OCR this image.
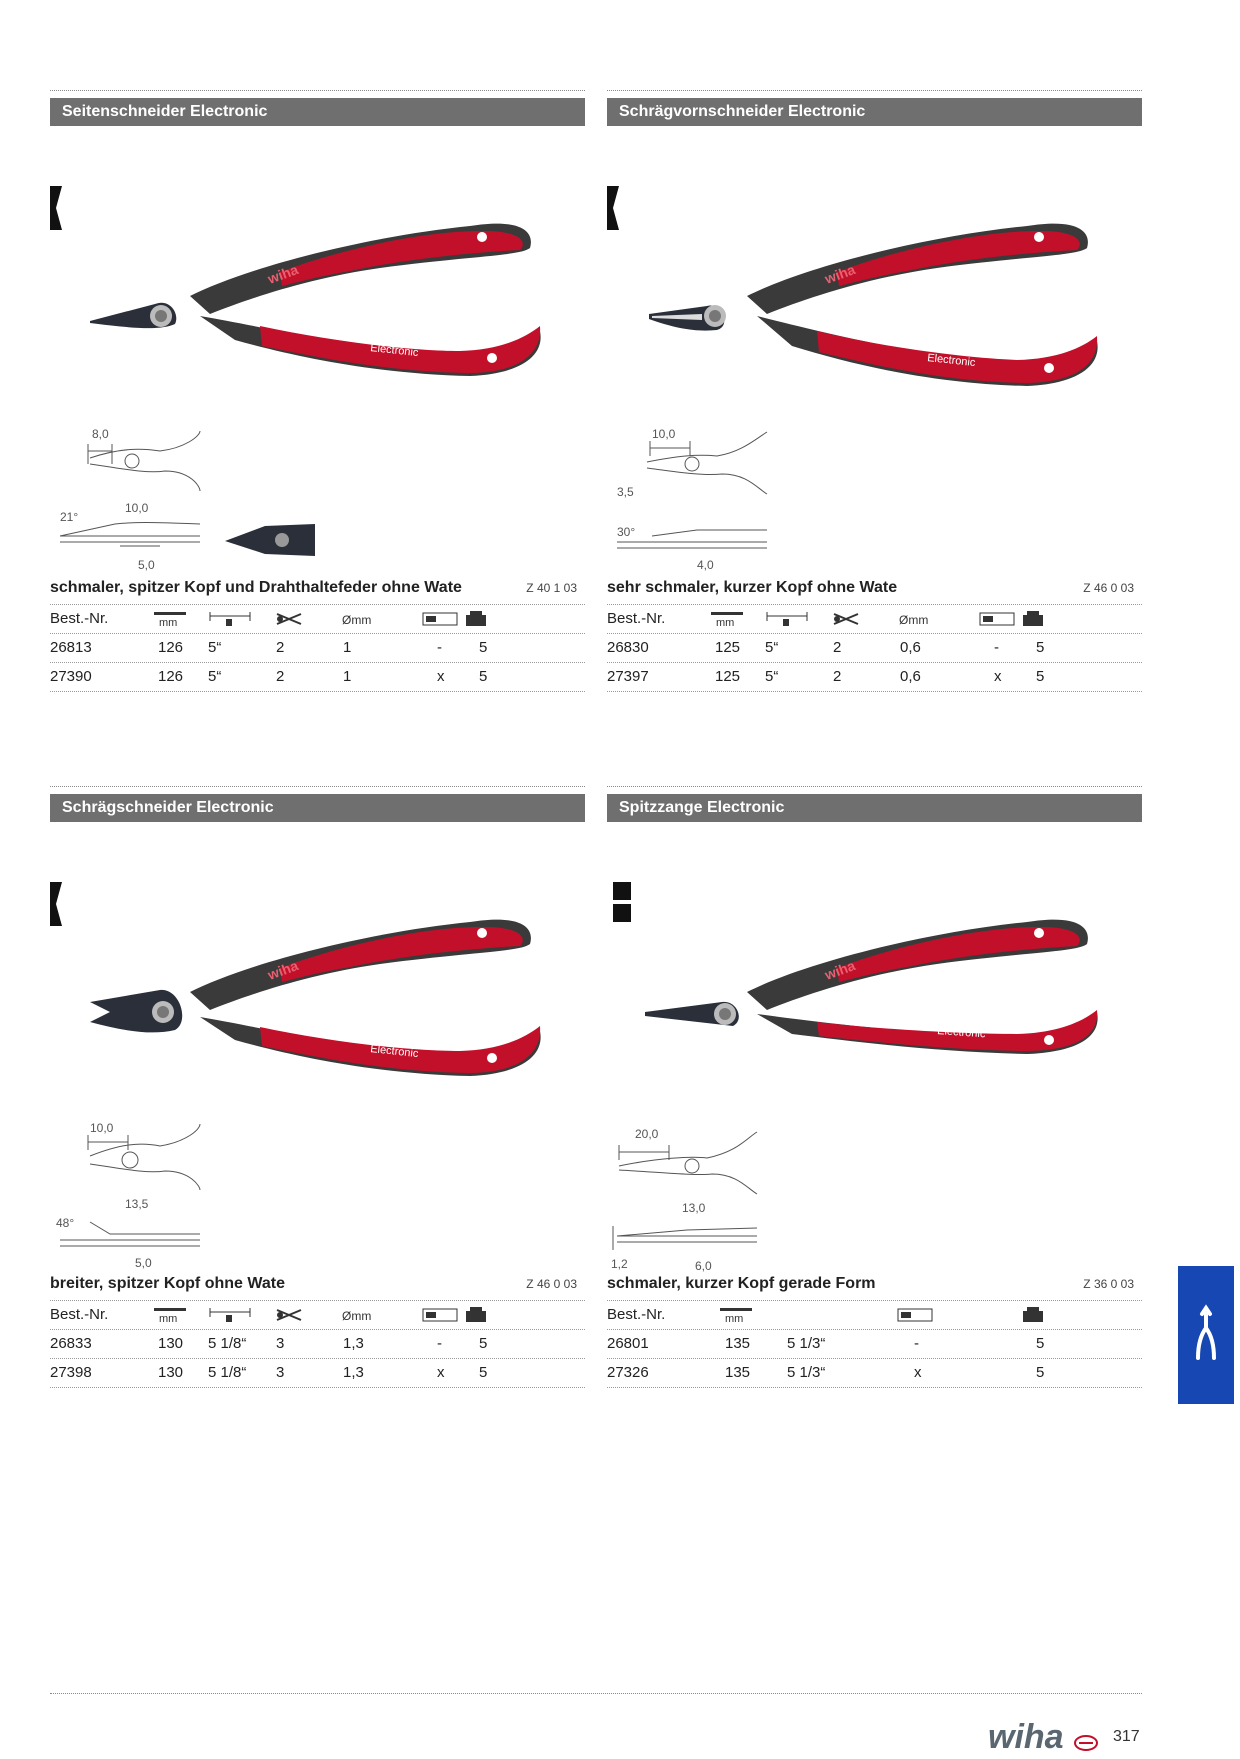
Seitenschneider Electronic
Electronic
wiha
8,0
10,0
21°
5,0
schmaler, spitzer Kopf und Drahthaltefeder ohne Wate	Z 40 1 03
Best.-Nr.	mm	Ømm
26813	126 5“	2	1	- 5
27390	126 5“	2	1	x 5
Schrägvornschneider Electronic
Electronic
wiha
10,0
3,5
30°
4,0
sehr schmaler, kurzer Kopf ohne Wate	Z 46 0 03
Best.-Nr.	mm	Ømm
26830	125 5“	2	0,6	- 5
27397	125 5“	2	0,6	x 5
Schrägschneider Electronic
Electronic
wiha
10,0
13,5
48°
5,0
breiter, spitzer Kopf ohne Wate	Z 46 0 03
Best.-Nr.	mm	Ømm
26833	130 5 1/8“ 3	1,3	- 5
27398	130 5 1/8“ 3	1,3	x 5
Spitzzange Electronic
Electronic
wiha
20,0
13,0
1,2	6,0
schmaler, kurzer Kopf gerade Form	Z 36 0 03
Best.-Nr.	mm
26801	135 5 1/3“	-	5
27326	135 5 1/3“	x	5
wiha	317
